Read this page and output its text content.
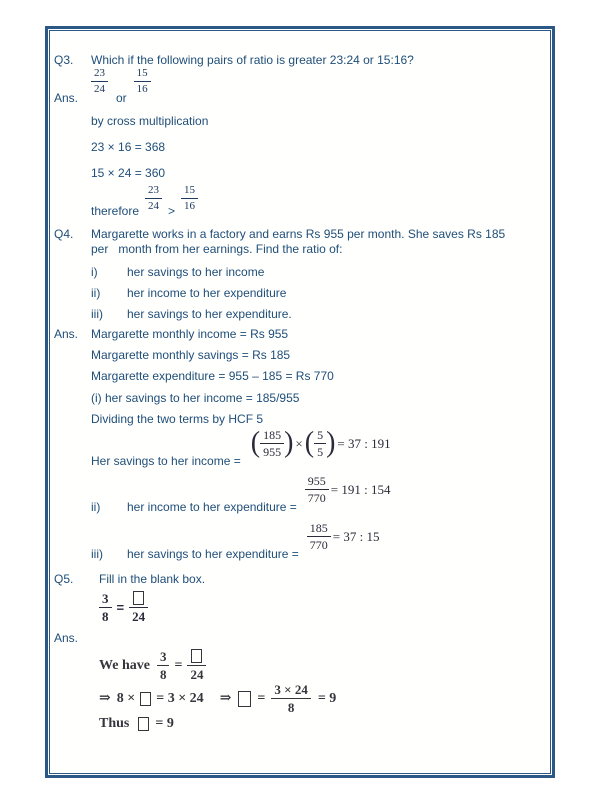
Q3.	Which if the following pairs of ratio is greater 23:24 or 15:16?
Ans.
$\frac{23}{24}$
or
$\frac{15}{16}$
by cross multiplication
23 × 16 = 368
15 × 24 = 360
therefore $\frac{23}{24} > \frac{15}{16}$
Q4.	Margarette works in a factory and earns Rs 955 per month. She saves Rs 185
per   month from her earnings. Find the ratio of:
i)	her savings to her income
ii)	her income to her expenditure
iii)	her savings to her expenditure.
Ans.	Margarette monthly income = Rs 955
Margarette monthly savings = Rs 185
Margarette expenditure = 955 – 185 = Rs 770
(i) her savings to her income = 185/955
Dividing the two terms by HCF 5
Her savings to her income =
( $\frac{185}{955}$ ) × ( $\frac{5}{5}$ ) = 37 : 191
ii)	her income to her expenditure =
$\frac{955}{770} = 191$ : 154
iii)	her savings to her expenditure =
$\frac{185}{770} = 37$ : 15
Q5.	Fill in the blank box.
$\frac{3}{8}$ =
24
Ans.
We have $\frac{3}{8}$ =
24
⇒ 8 × = 3 × 24 ⇒ = $\frac{3 \times 24}{8} = 9$
Thus = 9
